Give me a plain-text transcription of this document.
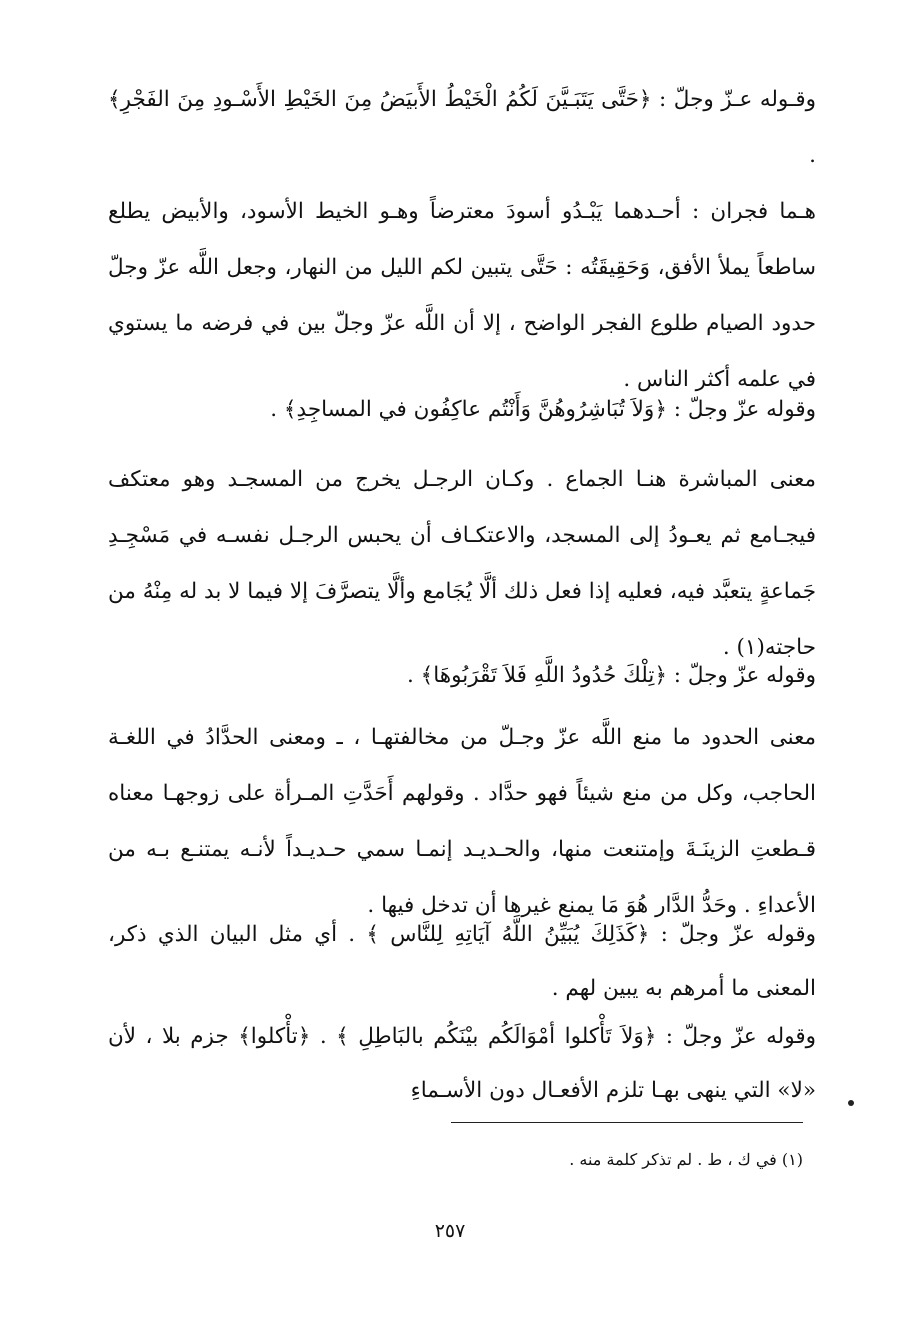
وقـوله عـزّ وجلّ : ﴿حَتَّى يَتَبَـيَّنَ لَكُمُ الْخَيْطُ الأَبيَضُ مِنَ الخَيْطِ الأَسْـودِ مِنَ الفَجْرِ﴾ .

هـما فجران : أحـدهما يَبْـدُو أسودَ معترضاً وهـو الخيط الأسود، والأبيض يطلع ساطعاً يملأ الأفق، وَحَقِيقَتُه : حَتَّى يتبين لكم الليل من النهار، وجعل اللَّه عزّ وجلّ حدود الصيام طلوع الفجر الواضح ، إلا أن اللَّه عزّ وجلّ بين في فرضه ما يستوي في علمه أكثر الناس .

وقوله عزّ وجلّ : ﴿وَلاَ تُبَاشِرُوهُنَّ وَأَنْتُم عاكِفُون في المساجِدِ﴾ .

معنى المباشرة هنـا الجماع . وكـان الرجـل يخرج من المسجـد وهو معتكف فيجـامع ثم يعـودُ إلى المسجد، والاعتكـاف أن يحبس الرجـل نفسـه في مَسْجِـدِ جَماعةٍ يتعبَّد فيه، فعليه إذا فعل ذلك ألَّا يُجَامع وألَّا يتصرَّفَ إلا فيما لا بد له مِنْهُ من حاجته(١) .

وقوله عزّ وجلّ : ﴿تِلْكَ حُدُودُ اللَّهِ فَلاَ تَقْرَبُوهَا﴾ .

معنى الحدود ما منع اللَّه عزّ وجـلّ من مخالفتهـا ، ـ ومعنى الحدَّادُ في اللغـة الحاجب، وكل من منع شيئاً فهو حدَّاد . وقولهم أَحَدَّتِ المـرأة على زوجهـا معناه قـطعتِ الزينَـةَ وإمتنعت منها، والحـديـد إنمـا سمي حـديـداً لأنـه يمتنـع بـه من الأعداءِ . وحَدُّ الدَّار هُوَ مَا يمنع غيرها أن تدخل فيها .

وقوله عزّ وجلّ : ﴿كَذَلِكَ يُبَيِّنُ اللَّهُ آيَاتِهِ لِلنَّاس ﴾ . أي مثل البيان الذي ذكر، المعنى ما أمرهم به يبين لهم .

وقوله عزّ وجلّ : ﴿وَلاَ تَأْكلوا أمْوَالَكُم بيْنَكُم بالبَاطِلِ ﴾ . ﴿تأْكلوا﴾ جزم بلا ، لأن «لا» التي ينهى بهـا تلزم الأفعـال دون الأسـماءِ

(١) في ك ، ط . لم تذكر كلمة منه .

٢٥٧
